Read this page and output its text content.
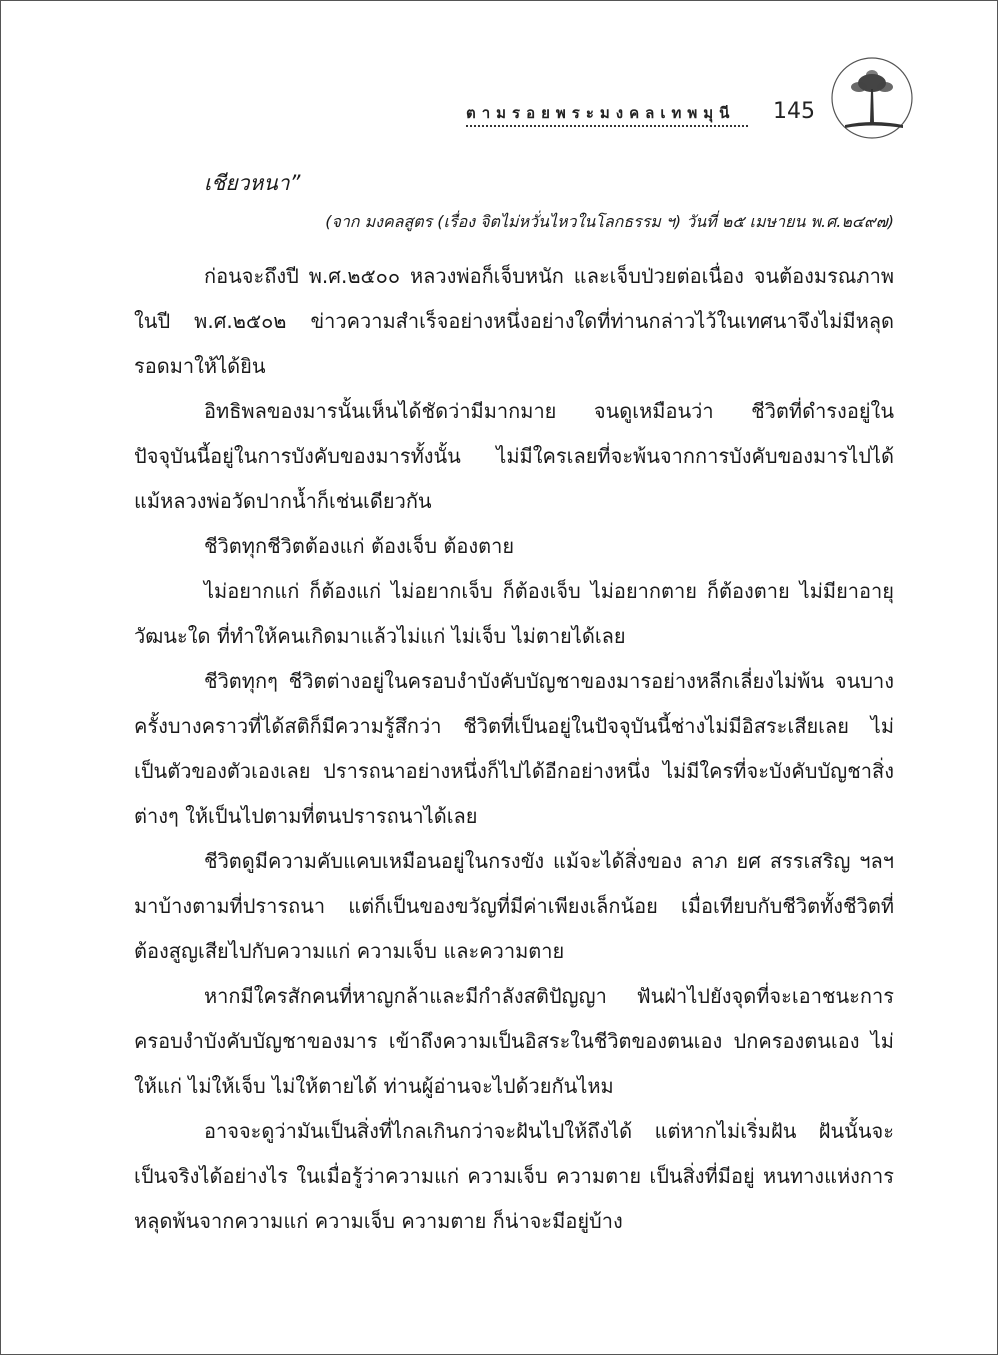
ตามรอยพระมงคลเทพมุนี	145
เชียวหนา”
(จาก มงคลสูตร (เรื่อง จิตไม่หวั่นไหวในโลกธรรม ฯ) วันที่ ๒๕ เมษายน พ.ศ.๒๔๙๗)

ก่อนจะถึงปี พ.ศ.๒๕๐๐ หลวงพ่อก็เจ็บหนัก และเจ็บป่วยต่อเนื่อง จนต้องมรณภาพในปี พ.ศ.๒๕๐๒ ข่าวความสำเร็จอย่างหนึ่งอย่างใดที่ท่านกล่าวไว้ในเทศนาจึงไม่มีหลุดรอดมาให้ได้ยิน

อิทธิพลของมารนั้นเห็นได้ชัดว่ามีมากมาย จนดูเหมือนว่า ชีวิตที่ดำรงอยู่ในปัจจุบันนี้อยู่ในการบังคับของมารทั้งนั้น ไม่มีใครเลยที่จะพ้นจากการบังคับของมารไปได้ แม้หลวงพ่อวัดปากน้ำก็เช่นเดียวกัน

ชีวิตทุกชีวิตต้องแก่ ต้องเจ็บ ต้องตาย

ไม่อยากแก่ ก็ต้องแก่ ไม่อยากเจ็บ ก็ต้องเจ็บ ไม่อยากตาย ก็ต้องตาย ไม่มียาอายุวัฒนะใด ที่ทำให้คนเกิดมาแล้วไม่แก่ ไม่เจ็บ ไม่ตายได้เลย

ชีวิตทุกๆ ชีวิตต่างอยู่ในครอบงำบังคับบัญชาของมารอย่างหลีกเลี่ยงไม่พ้น จนบางครั้งบางคราวที่ได้สติก็มีความรู้สึกว่า ชีวิตที่เป็นอยู่ในปัจจุบันนี้ช่างไม่มีอิสระเสียเลย ไม่เป็นตัวของตัวเองเลย ปรารถนาอย่างหนึ่งก็ไปได้อีกอย่างหนึ่ง ไม่มีใครที่จะบังคับบัญชาสิ่งต่างๆ ให้เป็นไปตามที่ตนปรารถนาได้เลย

ชีวิตดูมีความคับแคบเหมือนอยู่ในกรงขัง แม้จะได้สิ่งของ ลาภ ยศ สรรเสริญ ฯลฯ มาบ้างตามที่ปรารถนา แต่ก็เป็นของขวัญที่มีค่าเพียงเล็กน้อย เมื่อเทียบกับชีวิตทั้งชีวิตที่ต้องสูญเสียไปกับความแก่ ความเจ็บ และความตาย

หากมีใครสักคนที่หาญกล้าและมีกำลังสติปัญญา ฟันฝ่าไปยังจุดที่จะเอาชนะการครอบงำบังคับบัญชาของมาร เข้าถึงความเป็นอิสระในชีวิตของตนเอง ปกครองตนเอง ไม่ให้แก่ ไม่ให้เจ็บ ไม่ให้ตายได้ ท่านผู้อ่านจะไปด้วยกันไหม

อาจจะดูว่ามันเป็นสิ่งที่ไกลเกินกว่าจะฝันไปให้ถึงได้ แต่หากไม่เริ่มฝัน ฝันนั้นจะเป็นจริงได้อย่างไร ในเมื่อรู้ว่าความแก่ ความเจ็บ ความตาย เป็นสิ่งที่มีอยู่ หนทางแห่งการหลุดพ้นจากความแก่ ความเจ็บ ความตาย ก็น่าจะมีอยู่บ้าง
